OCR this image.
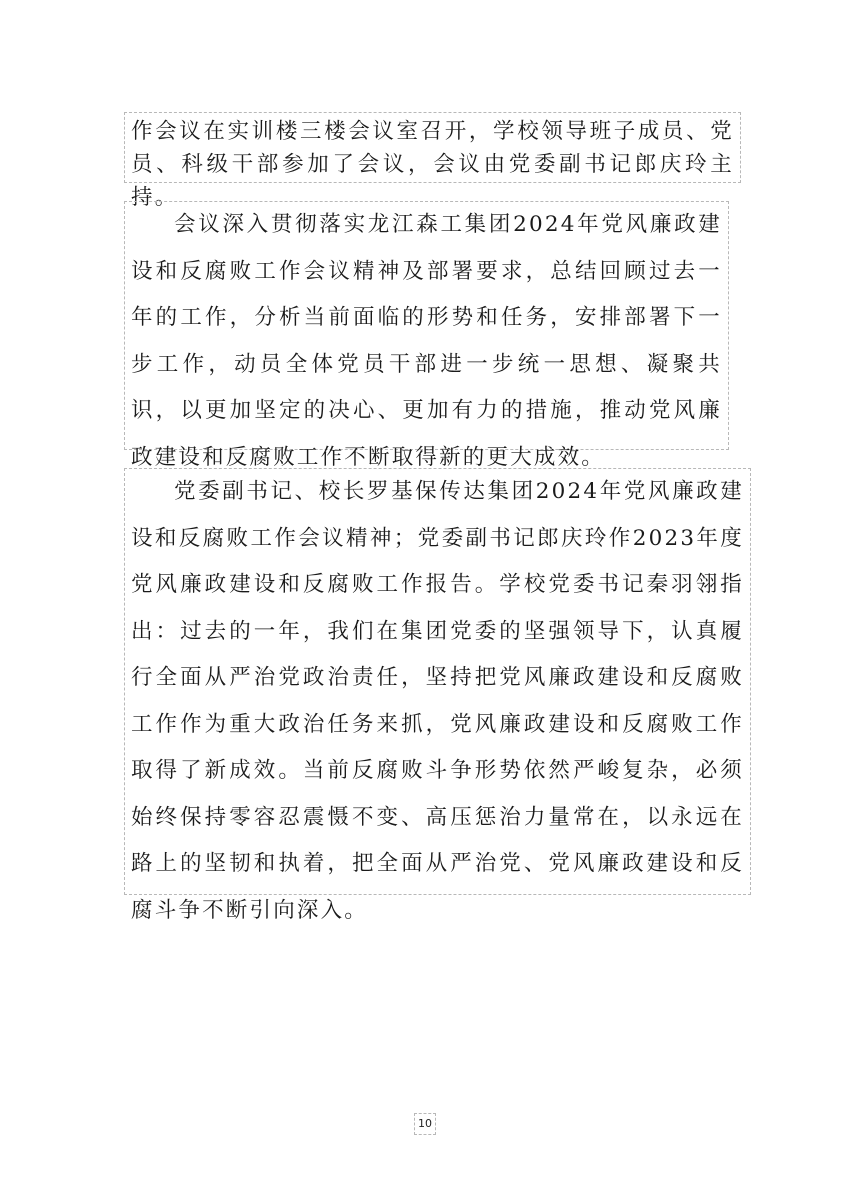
作会议在实训楼三楼会议室召开，学校领导班子成员、党员、科级干部参加了会议，会议由党委副书记郎庆玲主持。

会议深入贯彻落实龙江森工集团2024年党风廉政建设和反腐败工作会议精神及部署要求，总结回顾过去一年的工作，分析当前面临的形势和任务，安排部署下一步工作，动员全体党员干部进一步统一思想、凝聚共识，以更加坚定的决心、更加有力的措施，推动党风廉政建设和反腐败工作不断取得新的更大成效。

党委副书记、校长罗基保传达集团2024年党风廉政建设和反腐败工作会议精神；党委副书记郎庆玲作2023年度党风廉政建设和反腐败工作报告。学校党委书记秦羽翎指出：过去的一年，我们在集团党委的坚强领导下，认真履行全面从严治党政治责任，坚持把党风廉政建设和反腐败工作作为重大政治任务来抓，党风廉政建设和反腐败工作取得了新成效。当前反腐败斗争形势依然严峻复杂，必须始终保持零容忍震慑不变、高压惩治力量常在，以永远在路上的坚韧和执着，把全面从严治党、党风廉政建设和反腐斗争不断引向深入。

10
